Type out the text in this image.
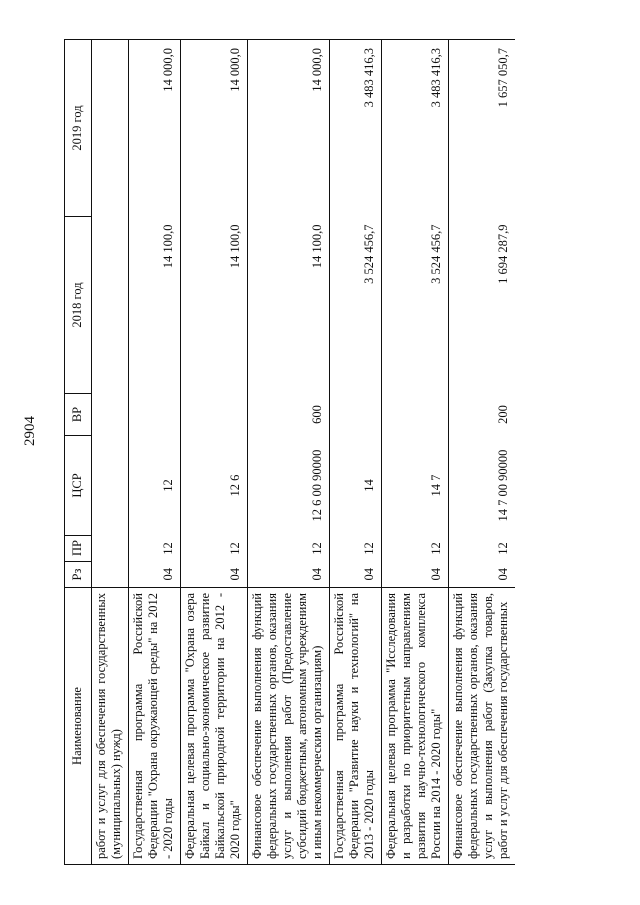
2904
Наименование	Рз	ПР	ЦСР	ВР	2018 год	2019 год
работ и услуг для обеспечения государственных (муниципальных) нужд)						
Государственная программа Российской Федерации "Охрана окружающей среды" на 2012 - 2020 годы	04	12	12		14 100,0	14 000,0
Федеральная целевая программа "Охрана озера Байкал и социально-экономическое развитие Байкальской природной территории на 2012 - 2020 годы"	04	12	12 6		14 100,0	14 000,0
Финансовое обеспечение выполнения функций федеральных государственных органов, оказания услуг и выполнения работ (Предоставление субсидий бюджетным, автономным учреждениям и иным некоммерческим организациям)	04	12	12 6 00 90000	600	14 100,0	14 000,0
Государственная программа Российской Федерации "Развитие науки и технологий" на 2013 - 2020 годы	04	12	14		3 524 456,7	3 483 416,3
Федеральная целевая программа "Исследования и разработки по приоритетным направлениям развития научно-технологического комплекса России на 2014 - 2020 годы"	04	12	14 7		3 524 456,7	3 483 416,3
Финансовое обеспечение выполнения функций федеральных государственных органов, оказания услуг и выполнения работ (Закупка товаров, работ и услуг для обеспечения государственных	04	12	14 7 00 90000	200	1 694 287,9	1 657 050,7
